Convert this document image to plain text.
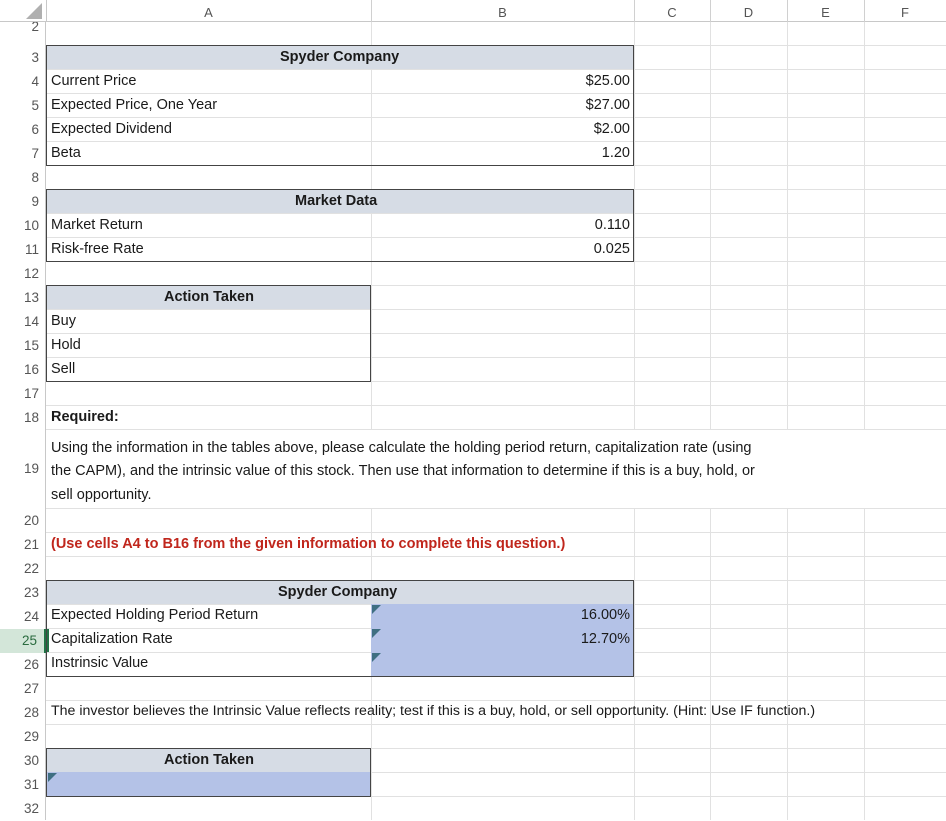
A	B	C	D	E	F
2
3
4
5
6
7
8
9
10
11
12
13
14
15
16
17
18
19
20
21
22
23
24
25
26
27
28
29
30
31
32
Spyder Company
Current Price	$25.00
Expected Price, One Year	$27.00
Expected Dividend	$2.00
Beta	1.20
Market Data
Market Return	0.110
Risk-free Rate	0.025
Action Taken
Buy
Hold
Sell
Required:
Using the information in the tables above, please calculate the holding period return, capitalization rate (using
the CAPM), and the intrinsic value of this stock. Then use that information to determine if this is a buy, hold, or
sell opportunity.
(Use cells A4 to B16 from the given information to complete this question.)
Spyder Company
Expected Holding Period Return	16.00%
Capitalization Rate	12.70%
Instrinsic Value
The investor believes the Intrinsic Value reflects reality; test if this is a buy, hold, or sell opportunity. (Hint: Use IF function.)
Action Taken
